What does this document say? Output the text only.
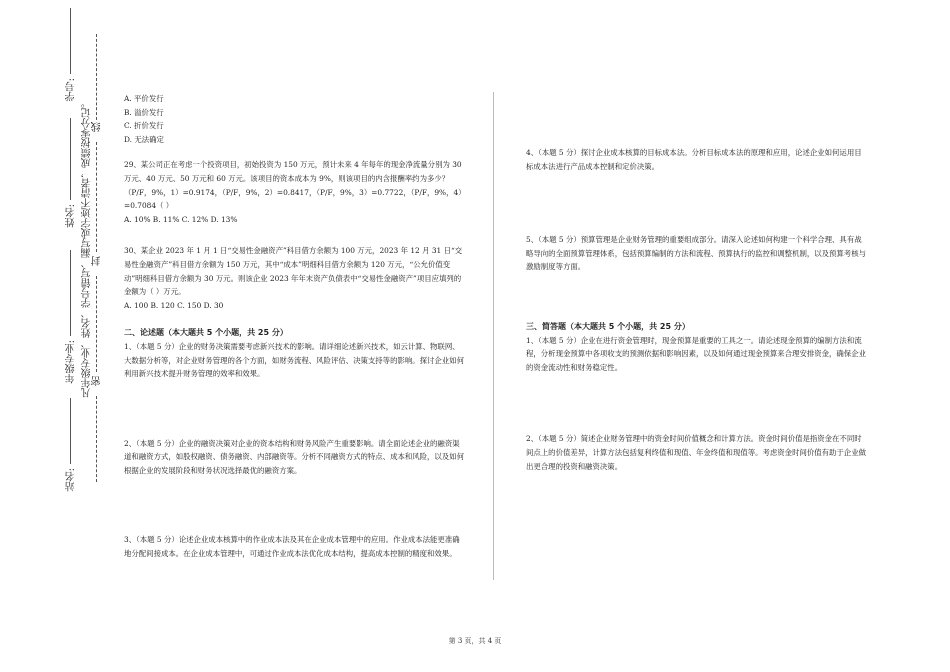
学号:
姓名:
年级专业:
站名:
凡年级专业、姓名、学号错写、漏写或字迹不清者，成绩按零分记。 线
封
密

A. 平价发行
B. 溢价发行
C. 折价发行
D. 无法确定

29、某公司正在考虑一个投资项目，初始投资为 150 万元，预计未来 4 年每年的现金净流量分别为 30 万元、40 万元、50 万元和 60 万元。该项目的资本成本为 9%，则该项目的内含报酬率约为多少？（P/F，9%，1）=0.9174，（P/F，9%，2）=0.8417，（P/F，9%，3）=0.7722，（P/F，9%，4）=0.7084（ ）

A. 10% B. 11% C. 12% D. 13%

30、某企业 2023 年 1 月 1 日“交易性金融资产”科目借方余额为 100 万元，2023 年 12 月 31 日“交易性金融资产”科目借方余额为 150 万元，其中“成本”明细科目借方余额为 120 万元，“公允价值变动”明细科目借方余额为 30 万元。则该企业 2023 年年末资产负债表中“交易性金融资产”项目应填列的金额为（ ）万元。

A. 100 B. 120 C. 150 D. 30

二、论述题（本大题共 5 个小题，共 25 分）

1、（本题 5 分）企业的财务决策需要考虑新兴技术的影响。请详细论述新兴技术，如云计算、物联网、大数据分析等，对企业财务管理的各个方面，如财务流程、风险评估、决策支持等的影响。探讨企业如何利用新兴技术提升财务管理的效率和效果。

2、（本题 5 分）企业的融资决策对企业的资本结构和财务风险产生重要影响。请全面论述企业的融资渠道和融资方式，如股权融资、债务融资、内部融资等。分析不同融资方式的特点、成本和风险，以及如何根据企业的发展阶段和财务状况选择最优的融资方案。

3、（本题 5 分）论述企业成本核算中的作业成本法及其在企业成本管理中的应用。作业成本法能更准确地分配间接成本。在企业成本管理中，可通过作业成本法优化成本结构，提高成本控制的精度和效果。

4、（本题 5 分）探讨企业成本核算的目标成本法。分析目标成本法的原理和应用，论述企业如何运用目标成本法进行产品成本控制和定价决策。

5、（本题 5 分）预算管理是企业财务管理的重要组成部分。请深入论述如何构建一个科学合理、具有战略导向的全面预算管理体系，包括预算编制的方法和流程、预算执行的监控和调整机制，以及预算考核与激励制度等方面。

三、简答题（本大题共 5 个小题，共 25 分）

1、（本题 5 分）企业在进行资金管理时，现金预算是重要的工具之一。请论述现金预算的编制方法和流程，分析现金预算中各项收支的预测依据和影响因素，以及如何通过现金预算来合理安排资金，确保企业的资金流动性和财务稳定性。

2、（本题 5 分）简述企业财务管理中的资金时间价值概念和计算方法。资金时间价值是指资金在不同时间点上的价值差异，计算方法包括复利终值和现值、年金终值和现值等。考虑资金时间价值有助于企业做出更合理的投资和融资决策。

第 3 页，共 4 页
